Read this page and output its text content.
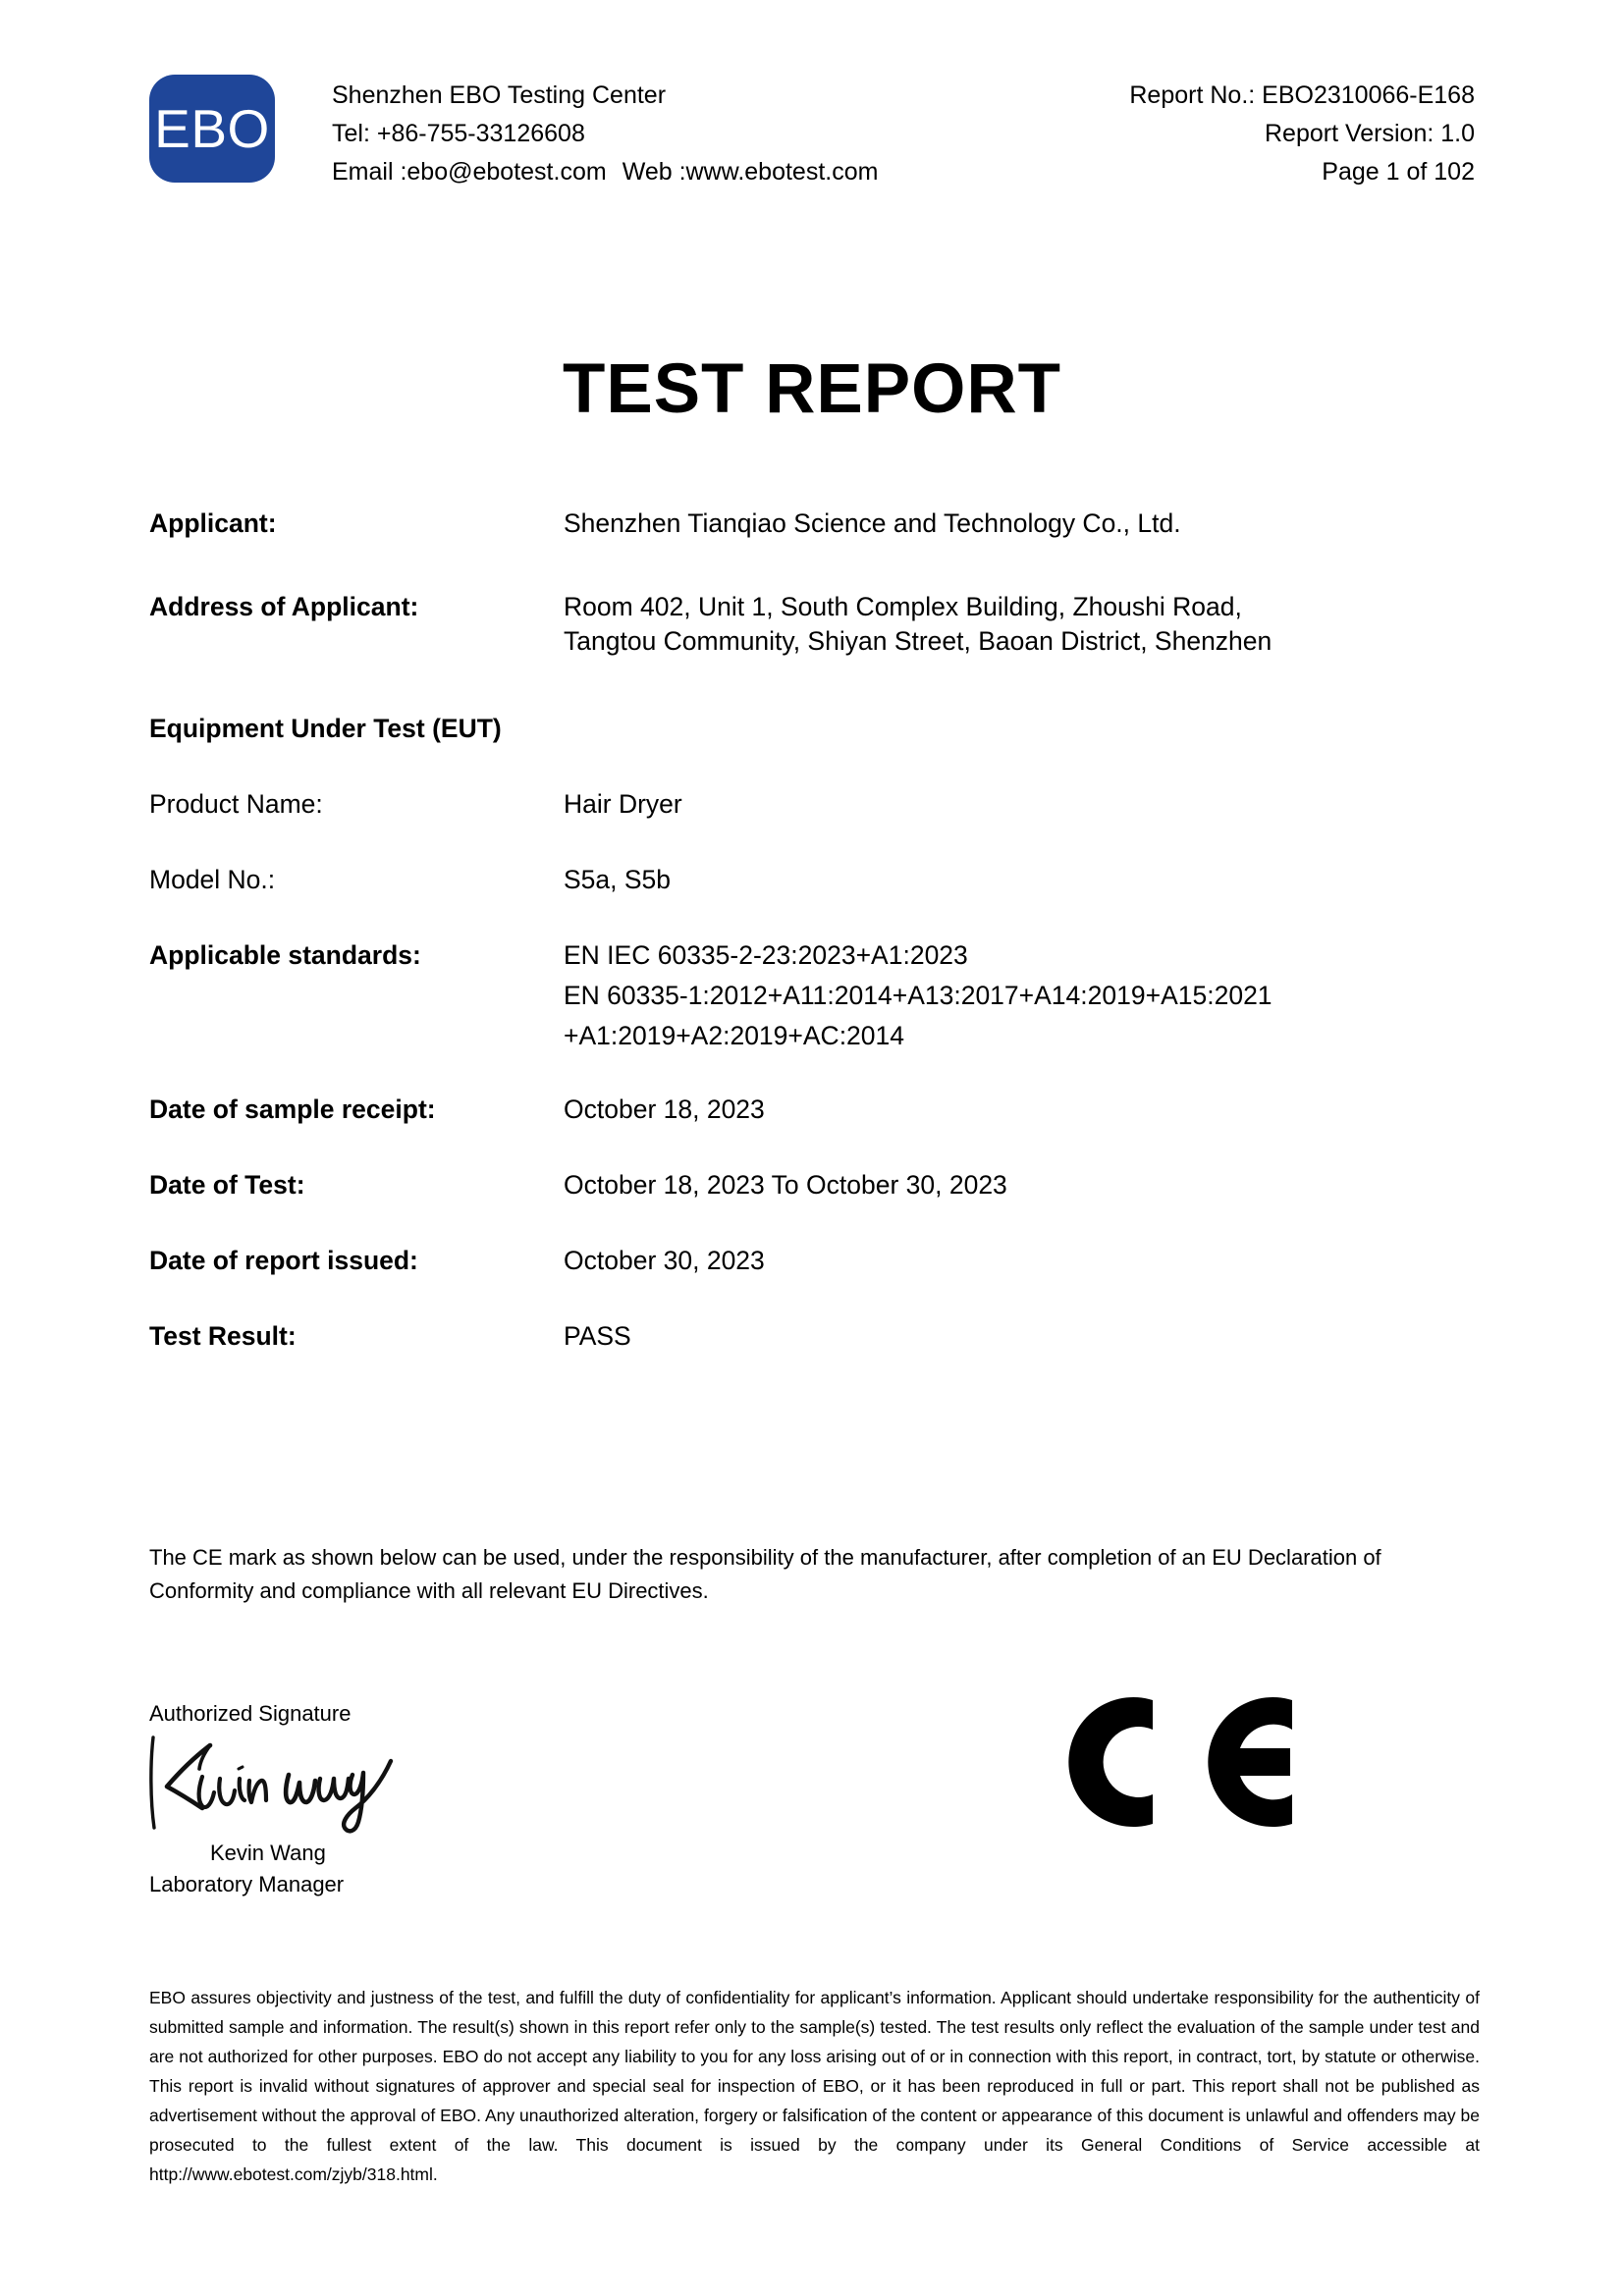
EBO
Shenzhen EBO Testing Center
Tel: +86-755-33126608
Email :ebo@ebotest.com Web :www.ebotest.com
Report No.: EBO2310066-E168
Report Version: 1.0
Page 1 of 102
TEST REPORT
Applicant:	Shenzhen Tianqiao Science and Technology Co., Ltd.
Address of Applicant:	Room 402, Unit 1, South Complex Building, Zhoushi Road,
Tangtou Community, Shiyan Street, Baoan District, Shenzhen
Equipment Under Test (EUT)
Product Name:	Hair Dryer
Model No.:	S5a, S5b
Applicable standards:	EN IEC 60335-2-23:2023+A1:2023
EN 60335-1:2012+A11:2014+A13:2017+A14:2019+A15:2021
+A1:2019+A2:2019+AC:2014
Date of sample receipt:	October 18, 2023
Date of Test:	October 18, 2023 To October 30, 2023
Date of report issued:	October 30, 2023
Test Result:	PASS
The CE mark as shown below can be used, under the responsibility of the manufacturer, after completion of an EU Declaration of Conformity and compliance with all relevant EU Directives.
Authorized Signature
Kevin Wang
Laboratory Manager
EBO assures objectivity and justness of the test, and fulfill the duty of confidentiality for applicant’s information. Applicant should undertake responsibility for the authenticity of submitted sample and information. The result(s) shown in this report refer only to the sample(s) tested. The test results only reflect the evaluation of the sample under test and are not authorized for other purposes. EBO do not accept any liability to you for any loss arising out of or in connection with this report, in contract, tort, by statute or otherwise. This report is invalid without signatures of approver and special seal for inspection of EBO, or it has been reproduced in full or part. This report shall not be published as advertisement without the approval of EBO. Any unauthorized alteration, forgery or falsification of the content or appearance of this document is unlawful and offenders may be prosecuted to the fullest extent of the law. This document is issued by the company under its General Conditions of Service accessible at http://www.ebotest.com/zjyb/318.html.
